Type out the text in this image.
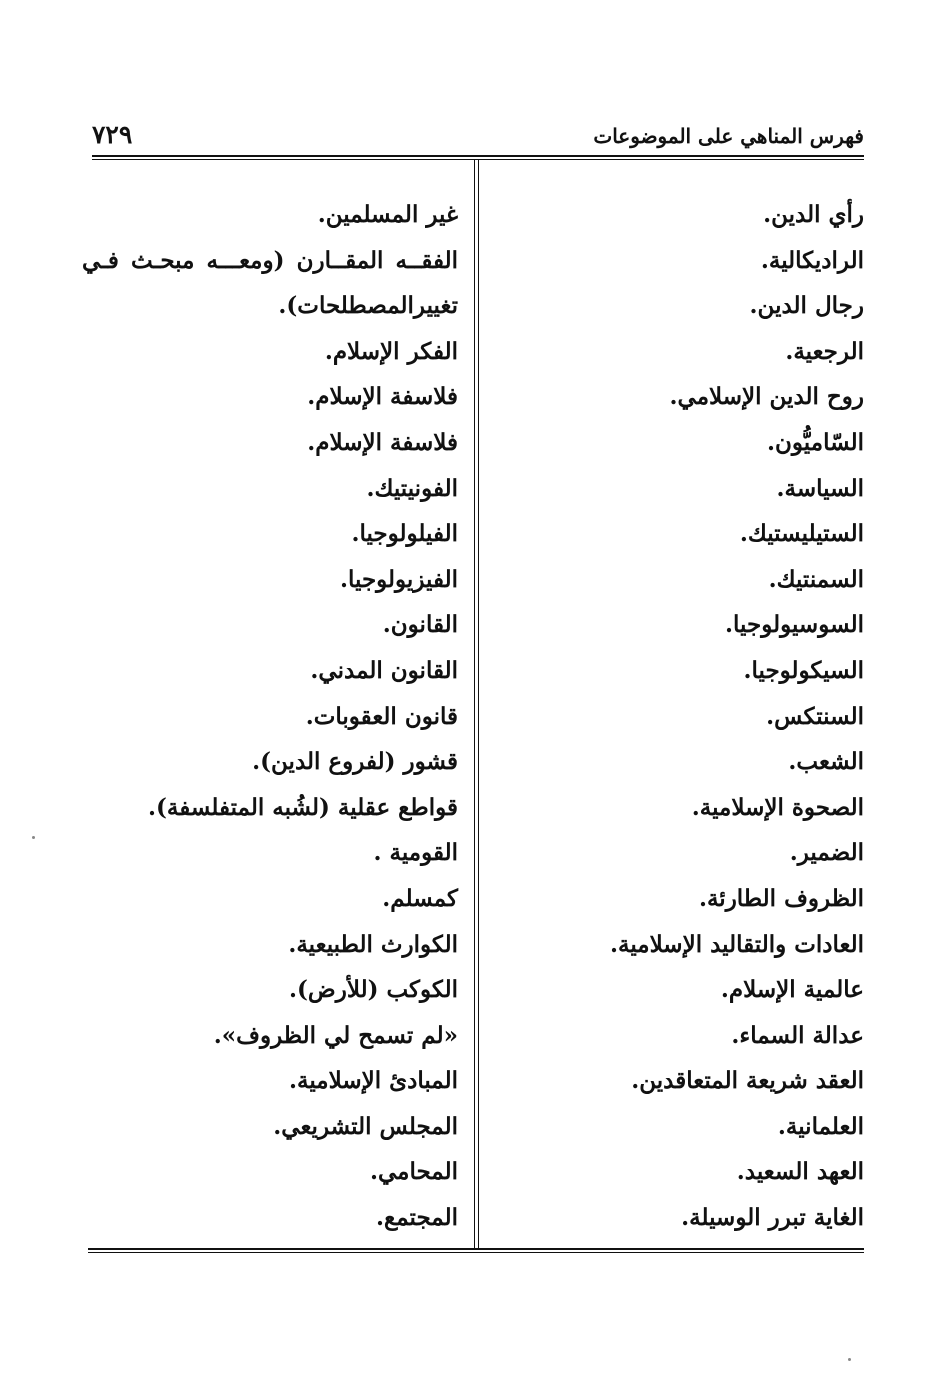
فهرس المناهي على الموضوعات
٧٢٩
رأي الدين.
الراديكالية.
رجال الدين.
الرجعية.
روح الدين الإسلامي.
السّاميُّون.
السياسة.
الستيليستيك.
السمنتيك.
السوسيولوجيا.
السيكولوجيا.
السنتكس.
الشعب.
الصحوة الإسلامية.
الضمير.
الظروف الطارئة.
العادات والتقاليد الإسلامية.
عالمية الإسلام.
عدالة السماء.
العقد شريعة المتعاقدين.
العلمانية.
العهد السعيد.
الغاية تبرر الوسيلة.
غير المسلمين.
الفقــه المقــارن (ومعـــه مبحـث فـي
تغييرالمصطلحات).
الفكر الإسلام.
فلاسفة الإسلام.
فلاسفة الإسلام.
الفونيتيك.
الفيلولوجيا.
الفيزيولوجيا.
القانون.
القانون المدني.
قانون العقوبات.
قشور (لفروع الدين).
قواطع عقلية (لشُبه المتفلسفة).
القومية .
كمسلم.
الكوارث الطبيعية.
الكوكب (للأرض).
«لم تسمح لي الظروف».
المبادئ الإسلامية.
المجلس التشريعي.
المحامي.
المجتمع.
